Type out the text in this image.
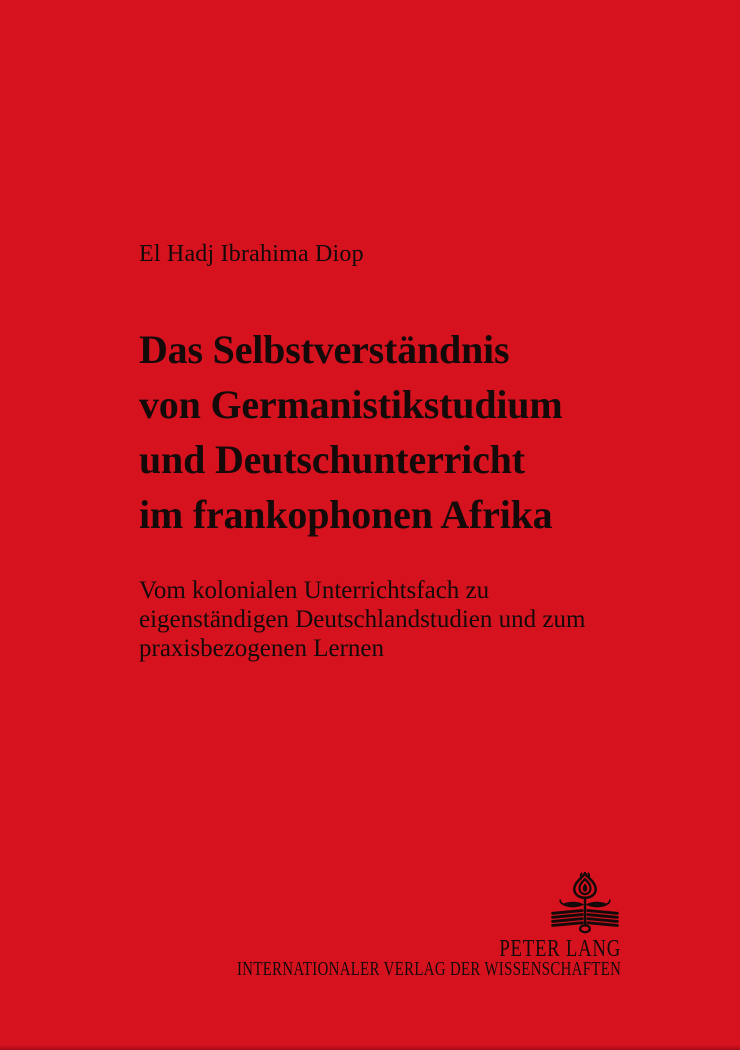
El Hadj Ibrahima Diop
Das Selbstverständnis
von Germanistikstudium
und Deutschunterricht
im frankophonen Afrika
Vom kolonialen Unterrichtsfach zu
eigenständigen Deutschlandstudien und zum
praxisbezogenen Lernen
PETER LANG
INTERNATIONALER VERLAG DER WISSENSCHAFTEN
